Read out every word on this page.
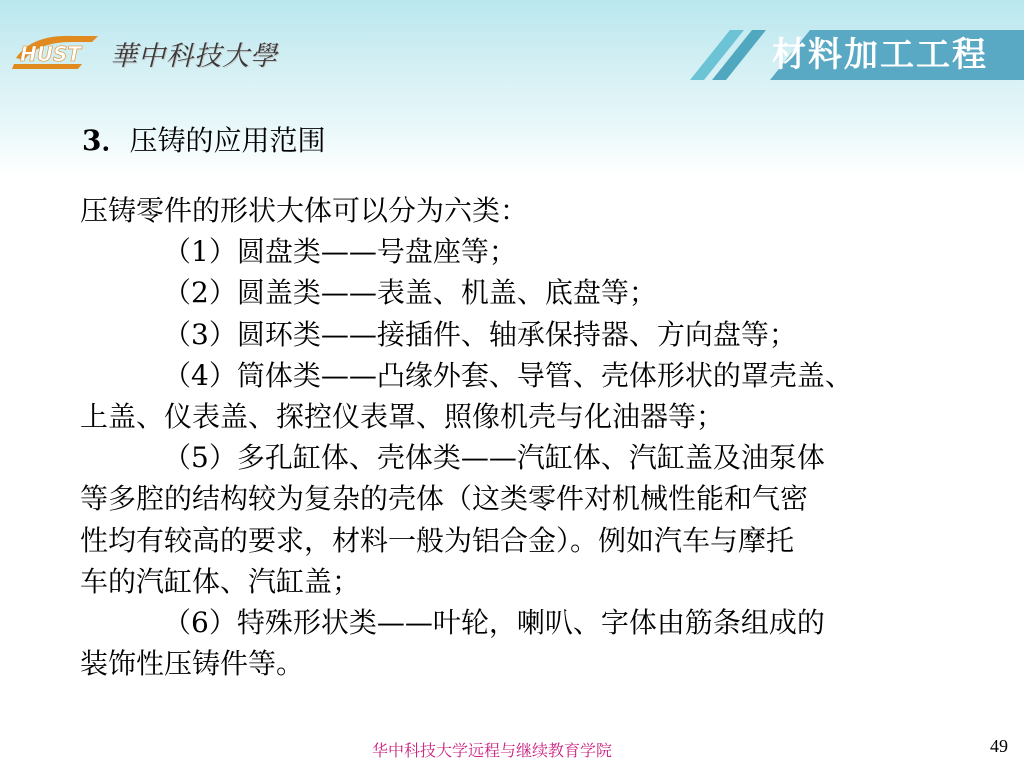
HUST 華中科技大學	材料加工工程
3．压铸的应用范围
压铸零件的形状大体可以分为六类：
（1）圆盘类——号盘座等；
（2）圆盖类——表盖、机盖、底盘等；
（3）圆环类——接插件、轴承保持器、方向盘等；
（4）筒体类——凸缘外套、导管、壳体形状的罩壳盖、
上盖、仪表盖、探控仪表罩、照像机壳与化油器等；
（5）多孔缸体、壳体类——汽缸体、汽缸盖及油泵体
等多腔的结构较为复杂的壳体（这类零件对机械性能和气密
性均有较高的要求，材料一般为铝合金）。例如汽车与摩托
车的汽缸体、汽缸盖；
（6）特殊形状类——叶轮，喇叭、字体由筋条组成的
装饰性压铸件等。
华中科技大学远程与继续教育学院	49
